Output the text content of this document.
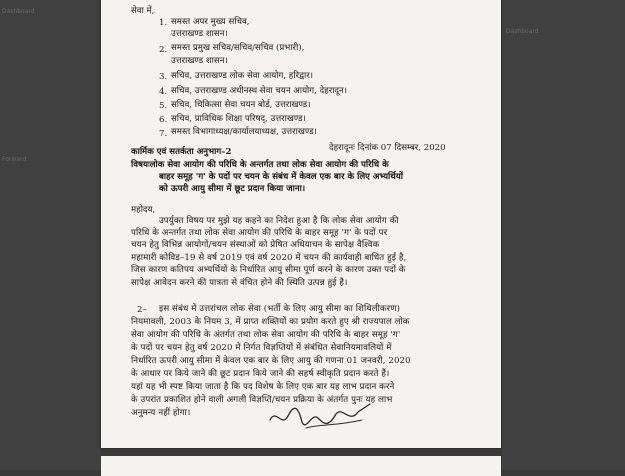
Dashboard
Forward
Dashboard
सेवा में,
1. समस्त अपर मुख्य सचिव,
उत्तराखण्ड शासन।
2. समस्त प्रमुख सचिव/सचिव/सचिव (प्रभारी),
उत्तराखण्ड शासन।
3. सचिव, उत्तराखण्ड लोक सेवा आयोग, हरिद्वार।
4. सचिव, उत्तराखण्ड अधीनस्थ सेवा चयन आयोग, देहरादून।
5. सचिव, चिकित्सा सेवा चयन बोर्ड, उत्तराखण्ड।
6. सचिव, प्राविधिक शिक्षा परिषद्, उत्तराखण्ड।
7. समस्त विभागाध्यक्ष/कार्यालयाध्यक्ष, उत्तराखण्ड।
कार्मिक एवं सतर्कता अनुभाग–2	देहरादूनः दिनांक 07 दिसम्बर, 2020
विषयःलोक सेवा आयोग की परिधि के अन्तर्गत तथा लोक सेवा आयोग की परिधि के
बाहर समूह 'ग' के पदों पर चयन के संबंध में केवल एक बार के लिए अभ्यर्थियों
को ऊपरी आयु सीमा में छूट प्रदान किया जाना।
महोदय,
उपर्युक्त विषय पर मुझे यह कहने का निदेश हुआ है कि लोक सेवा आयोग की
परिधि के अन्तर्गत तथा लोक सेवा आयोग की परिधि के बाहर समूह 'ग' के पदों पर
चयन हेतु विभिन्न आयोगों/चयन संस्थाओं को प्रेषित अधियाचन के सापेक्ष वैश्विक
महामारी कोविड–19 से वर्ष 2019 एवं वर्ष 2020 में चयन की कार्यवाही बाधित हुई है,
जिस कारण कतिपय अभ्यर्थियों के निर्धारित आयु सीमा पूर्ण करने के कारण उक्त पदों के
सापेक्ष आवेदन करने की पात्रता से वंचित होने की स्थिति उत्पन्न हुई है।
2– इस संबंध में उत्तरांचल लोक सेवा (भर्ती के लिए आयु सीमा का शिथिलीकरण)
नियमावली, 2003 के नियम 3, में प्राप्त शक्तियों का प्रयोग करते हुए श्री राज्यपाल लोक
सेवा आयोग की परिधि के अंतर्गत तथा लोक सेवा आयोग की परिधि के बाहर समूह 'ग'
के पदों पर चयन हेतु वर्ष 2020 में निर्गत विज्ञप्तियों में संबंधित सेवानियमावलियों में
निर्धारित ऊपरी आयु सीमा में केवल एक बार के लिए आयु की गणना 01 जनवरी, 2020
के आधार पर किये जाने की छूट प्रदान किये जाने की सहर्ष स्वीकृति प्रदान करते हैं।
यहां यह भी स्पष्ट किया जाता है कि पद विशेष के लिए एक बार यह लाभ प्रदान करने
के उपरांत प्रकाशित होने वाली अगली विज्ञप्ति/चयन प्रक्रिया के अंतर्गत पुनः यह लाभ
अनुमन्य नहीं होगा।
